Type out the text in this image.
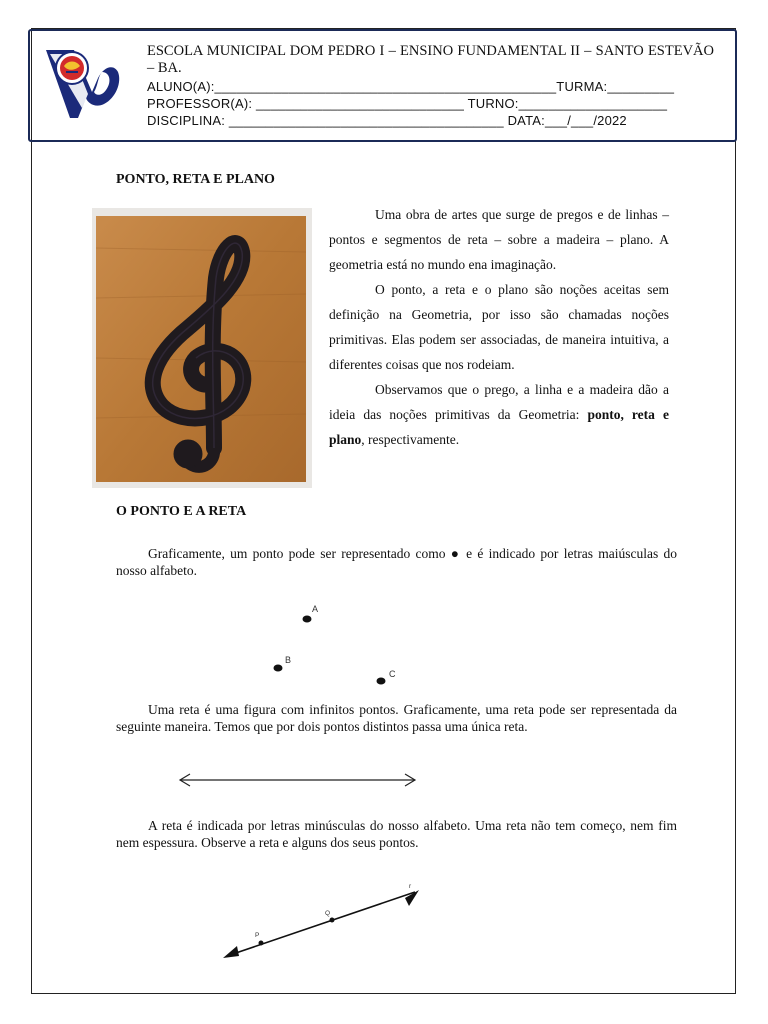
ESCOLA MUNICIPAL DOM PEDRO I – ENSINO FUNDAMENTAL II – SANTO ESTEVÃO – BA.
ALUNO(A):______________________________________________TURMA:_________
PROFESSOR(A): ____________________________ TURNO:____________________
DISCIPLINA: _____________________________________ DATA:___/___/2022
PONTO, RETA E PLANO

Uma obra de artes que surge de pregos e de linhas – pontos e segmentos de reta – sobre a madeira – plano. A geometria está no mundo ena imaginação.

O ponto, a reta e o plano são noções aceitas sem definição na Geometria, por isso são chamadas noções primitivas. Elas podem ser associadas, de maneira intuitiva, a diferentes coisas que nos rodeiam.

Observamos que o prego, a linha e a madeira dão a ideia das noções primitivas da Geometria: ponto, reta e plano, respectivamente.

O PONTO E A RETA

Graficamente, um ponto pode ser representado como ● e é indicado por letras maiúsculas do nosso alfabeto.

A
B
C

Uma reta é uma figura com infinitos pontos. Graficamente, uma reta pode ser representada da seguinte maneira. Temos que por dois pontos distintos passa uma única reta.

A reta é indicada por letras minúsculas do nosso alfabeto. Uma reta não tem começo, nem fim nem espessura. Observe a reta e alguns dos seus pontos.

P
Q
r
